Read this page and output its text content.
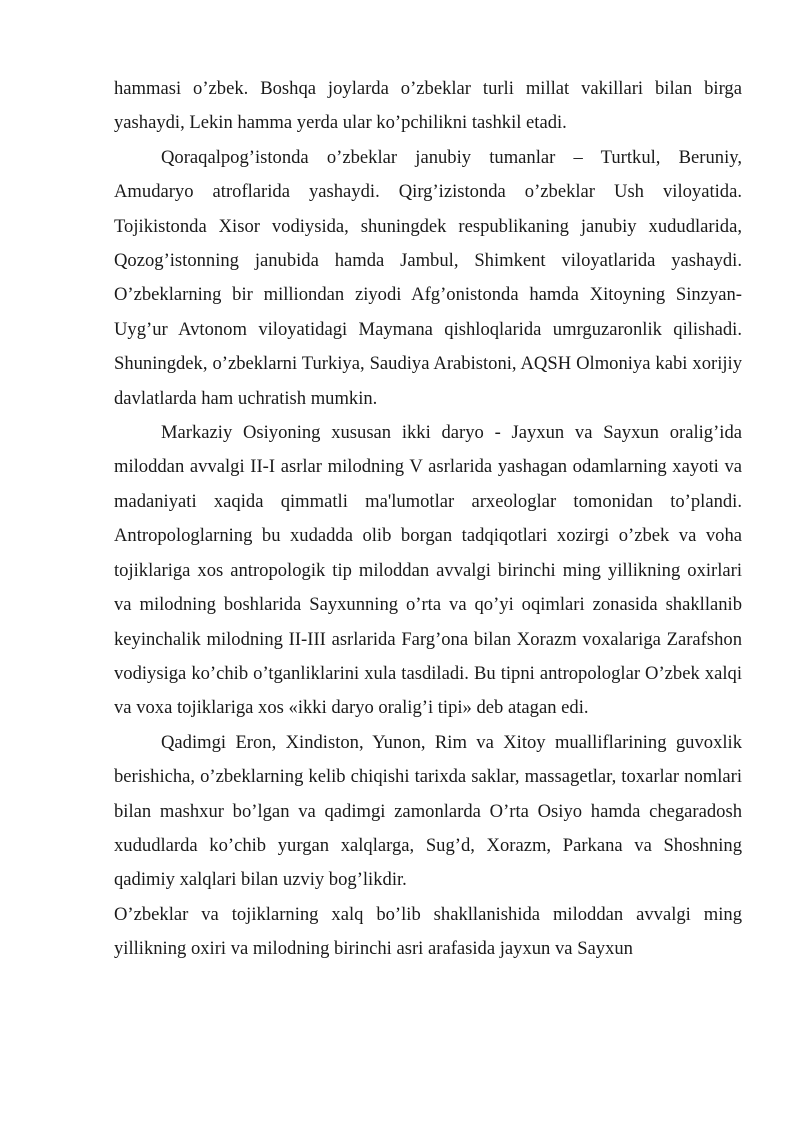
hammasi o’zbek. Boshqa joylarda o’zbeklar turli millat vakillari bilan birga yashaydi, Lekin hamma yerda ular ko’pchilikni tashkil etadi.

Qoraqalpog’istonda o’zbeklar janubiy tumanlar – Turtkul, Beruniy, Amudaryo atroflarida yashaydi. Qirg’izistonda o’zbeklar Ush viloyatida. Tojikistonda Xisor vodiysida, shuningdek respublikaning janubiy xududlarida, Qozog’istonning janubida hamda Jambul, Shimkent viloyatlarida yashaydi. O’zbeklarning bir milliondan ziyodi Afg’onistonda hamda Xitoyning Sinzyan-Uyg’ur Avtonom viloyatidagi Maymana qishloqlarida umrguzaronlik qilishadi. Shuningdek, o’zbeklarni Turkiya, Saudiya Arabistoni, AQSH Olmoniya kabi xorijiy davlatlarda ham uchratish mumkin.

Markaziy Osiyoning xususan ikki daryo - Jayxun va Sayxun oralig’ida miloddan avvalgi II-I asrlar milodning V asrlarida yashagan odamlarning xayoti va madaniyati xaqida qimmatli ma'lumotlar arxeologlar tomonidan to’plandi. Antropologlarning bu xudadda olib borgan tadqiqotlari xozirgi o’zbek va voha tojiklariga xos antropologik tip miloddan avvalgi birinchi ming yillikning oxirlari va milodning boshlarida Sayxunning o’rta va qo’yi oqimlari zonasida shakllanib keyinchalik milodning II-III asrlarida Farg’ona bilan Xorazm voxalariga Zarafshon vodiysiga ko’chib o’tganliklarini xula tasdiladi. Bu tipni antropologlar O’zbek xalqi va voxa tojiklariga xos «ikki daryo oralig’i tipi» deb atagan edi.

Qadimgi Eron, Xindiston, Yunon, Rim va Xitoy mualliflarining guvoxlik berishicha, o’zbeklarning kelib chiqishi tarixda saklar, massagetlar, toxarlar nomlari bilan mashxur bo’lgan va qadimgi zamonlarda O’rta Osiyo hamda chegaradosh xududlarda ko’chib yurgan xalqlarga, Sug’d, Xorazm, Parkana va Shoshning qadimiy xalqlari bilan uzviy bog’likdir.

O’zbeklar va tojiklarning xalq bo’lib shakllanishida miloddan avvalgi ming yillikning oxiri va milodning birinchi asri arafasida jayxun va Sayxun
